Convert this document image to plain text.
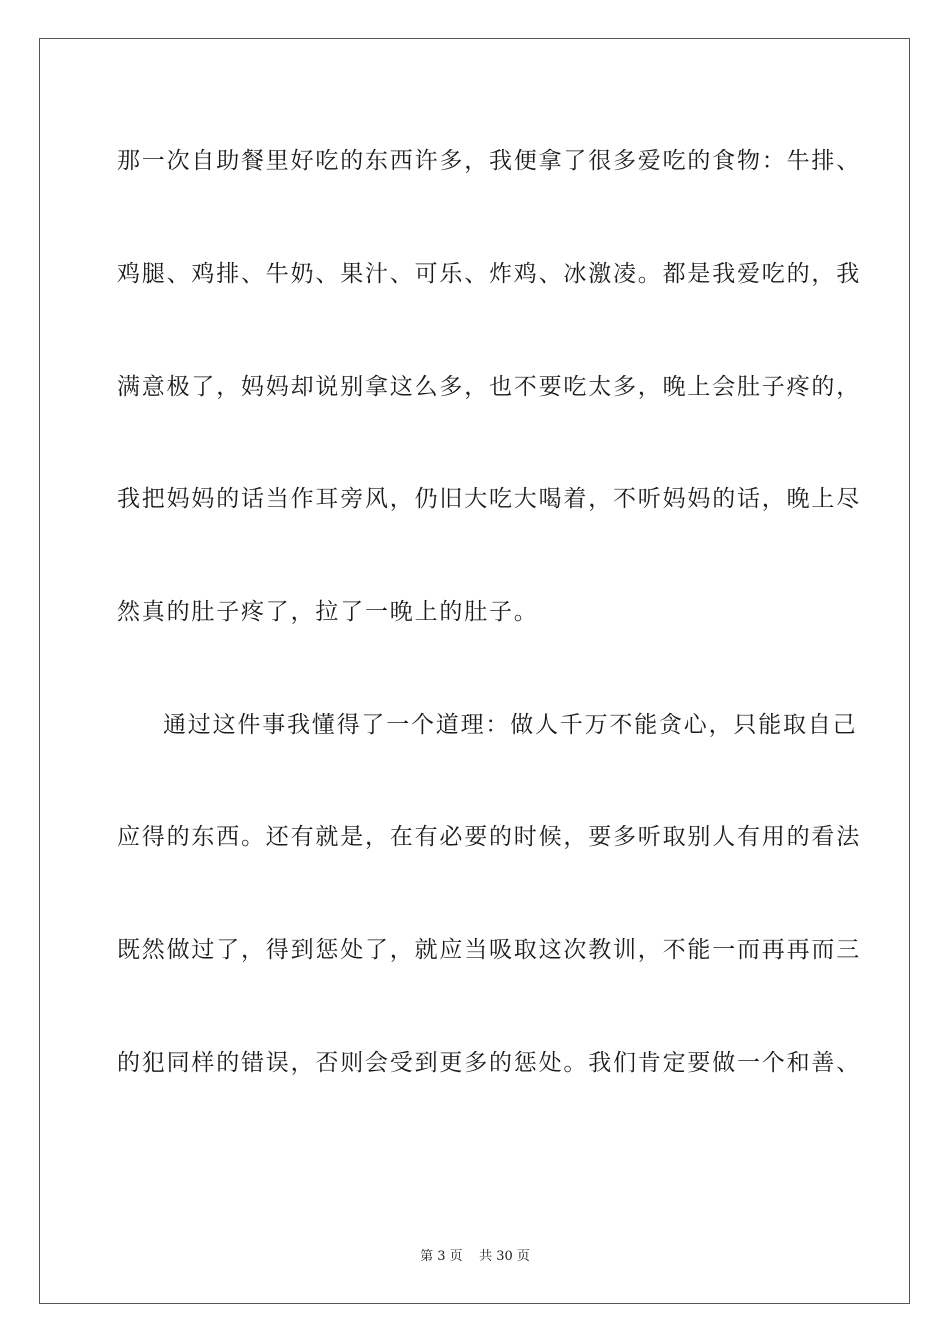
那一次自助餐里好吃的东西许多，我便拿了很多爱吃的食物：牛排、
鸡腿、鸡排、牛奶、果汁、可乐、炸鸡、冰激凌。都是我爱吃的，我
满意极了，妈妈却说别拿这么多，也不要吃太多，晚上会肚子疼的，
我把妈妈的话当作耳旁风，仍旧大吃大喝着，不听妈妈的话，晚上尽
然真的肚子疼了，拉了一晚上的肚子。
通过这件事我懂得了一个道理：做人千万不能贪心，只能取自己
应得的东西。还有就是，在有必要的时候，要多听取别人有用的看法
既然做过了，得到惩处了，就应当吸取这次教训，不能一而再再而三
的犯同样的错误，否则会受到更多的惩处。我们肯定要做一个和善、
第 3 页    共 30 页
